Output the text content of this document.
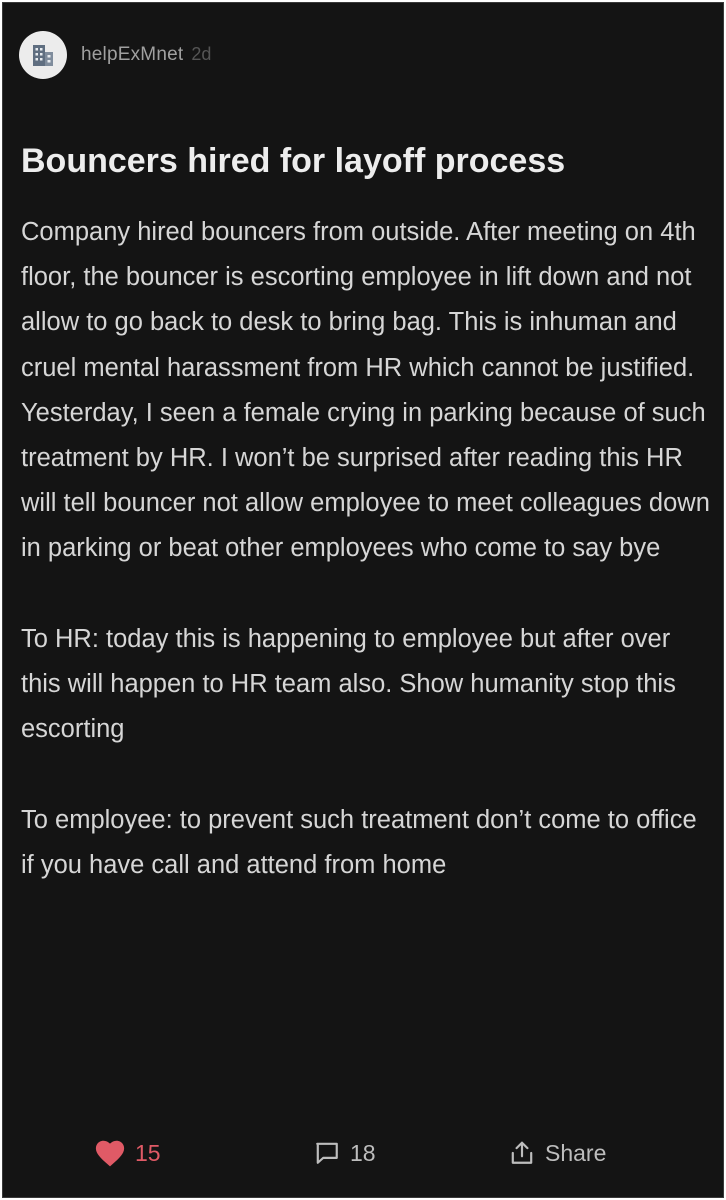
helpExMnet 2d
Bouncers hired for layoff process

Company hired bouncers from outside. After meeting on 4th floor, the bouncer is escorting employee in lift down and not allow to go back to desk to bring bag. This is inhuman and cruel mental harassment from HR which cannot be justified. Yesterday, I seen a female crying in parking because of such treatment by HR. I won’t be surprised after reading this HR will tell bouncer not allow employee to meet colleagues down in parking or beat other employees who come to say bye

To HR: today this is happening to employee but after over this will happen to HR team also. Show humanity stop this escorting

To employee: to prevent such treatment don’t come to office if you have call and attend from home

15	18	Share
